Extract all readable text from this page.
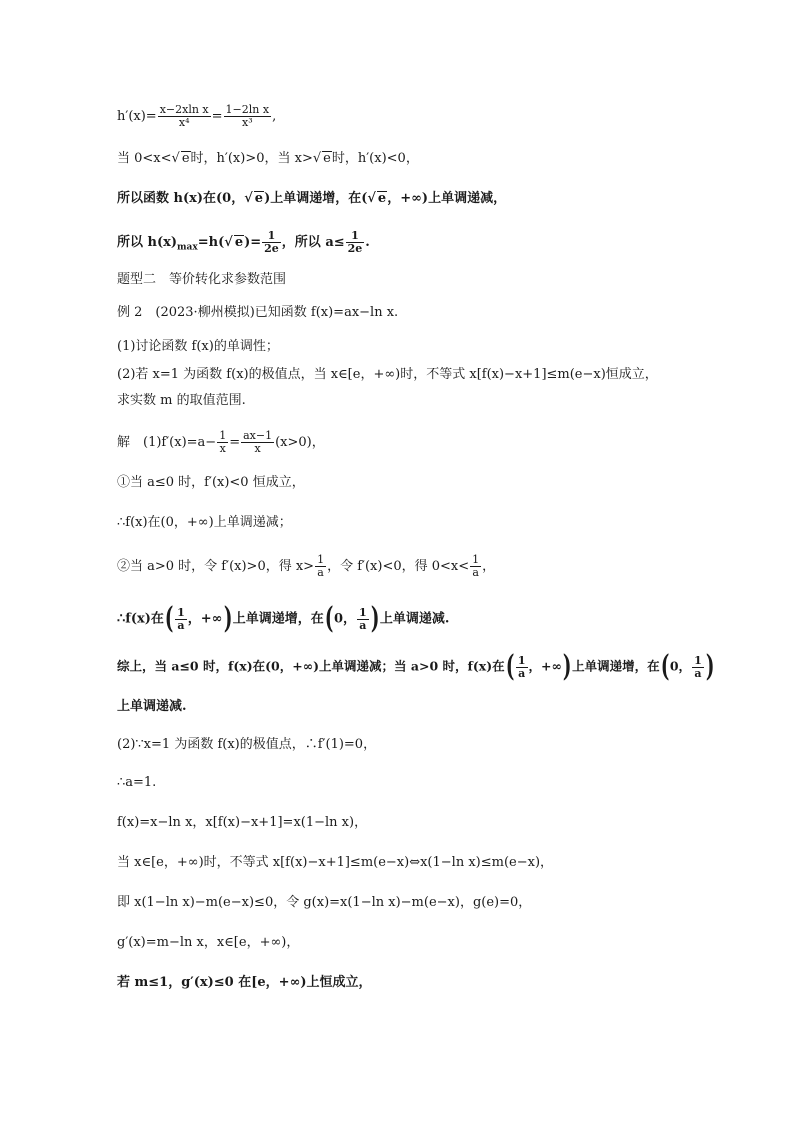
$h'(x)= \frac{\text{x−2xln x}}{\text{x⁴}} = \frac{\text{1−2ln x}}{\text{x³}}$ ,
当 0<x<√ e时，h′(x)>0，当 x>√ e时，h′(x)<0，
所以函数 h(x)在(0，√ e)上单调递增，在(√ e，+∞)上单调递减，
所以 $h(x)_{max}=h(√$ $e)= \frac{1}{2e}$ ，所以 $a\le \frac{1}{2e}$ .
题型二　等价转化求参数范围
例 2　(2023·柳州模拟)已知函数 f(x)=ax−ln x.
(1)讨论函数 f(x)的单调性；
(2)若 x=1 为函数 f(x)的极值点，当 x∈[e，+∞)时，不等式 x[f(x)−x+1]≤m(e−x)恒成立，
求实数 m 的取值范围.
解　$(1)f'(x)=a- \frac{1}{x} = \frac{ax-1}{x} (x>0)$，
①当 a≤0 时，f′(x)<0 恒成立，
∴f(x)在(0，+∞)上单调递减；
②当 a>0 时，令 f′(x)>0，得 $x> \frac{1}{a}$ ，令 f′(x)<0，得 $0<x< \frac{1}{a}$ ，
∴f(x)在( $\frac{1}{a}$ ，+∞)上单调递增，在(0， $\frac{1}{a}$ )上单调递减.
综上，当 a≤0 时，f(x)在(0，+∞)上单调递减；当 a>0 时，f(x)在( $\frac{1}{a}$ ，+∞)上单调递增，在(0， $\frac{1}{a}$ )
上单调递减.
(2)∵x=1 为函数 f(x)的极值点，∴f′(1)=0，
∴a=1.
f(x)=x−ln x，x[f(x)−x+1]=x(1−ln x)，
当 x∈[e，+∞)时，不等式 x[f(x)−x+1]≤m(e−x)⇔x(1−ln x)≤m(e−x)，
即 x(1−ln x)−m(e−x)≤0，令 g(x)=x(1−ln x)−m(e−x)，g(e)=0，
g′(x)=m−ln x，x∈[e，+∞)，
若 m≤1，g′(x)≤0 在[e，+∞)上恒成立，
